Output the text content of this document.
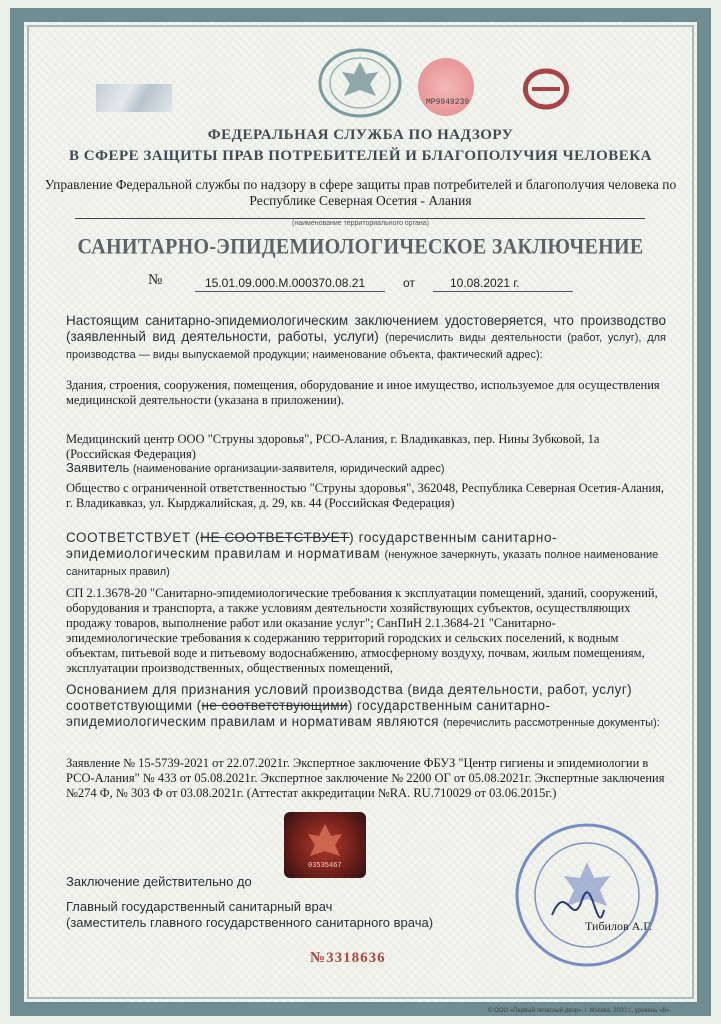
МР9949239
ФЕДЕРАЛЬНАЯ СЛУЖБА ПО НАДЗОРУ
В СФЕРЕ ЗАЩИТЫ ПРАВ ПОТРЕБИТЕЛЕЙ И БЛАГОПОЛУЧИЯ ЧЕЛОВЕКА
Управление Федеральной службы по надзору в сфере защиты прав потребителей и благополучия человека по Республике Северная Осетия - Алания
(наименование территориального органа)
САНИТАРНО-ЭПИДЕМИОЛОГИЧЕСКОЕ ЗАКЛЮЧЕНИЕ
№	15.01.09.000.М.000370.08.21	от	10.08.2021 г.
Настоящим санитарно-эпидемиологическим заключением удостоверяется, что производство (заявленный вид деятельности, работы, услуги) (перечислить виды деятельности (работ, услуг), для производства — виды выпускаемой продукции; наименование объекта, фактический адрес):
Здания, строения, сооружения, помещения, оборудование и иное имущество, используемое для осуществления медицинской деятельности (указана в приложении).
Медицинский центр ООО "Струны здоровья", РСО-Алания, г. Владикавказ, пер. Нины Зубковой, 1а (Российская Федерация)
Заявитель (наименование организации-заявителя, юридический адрес)
Общество с ограниченной ответственностью "Струны здоровья", 362048, Республика Северная Осетия-Алания, г. Владикавказ, ул. Кырджалийская, д. 29, кв. 44 (Российская Федерация)
СООТВЕТСТВУЕТ (НЕ СООТВЕТСТВУЕТ) государственным санитарно-эпидемиологическим правилам и нормативам (ненужное зачеркнуть, указать полное наименование санитарных правил)
СП 2.1.3678-20 "Санитарно-эпидемиологические требования к эксплуатации помещений, зданий, сооружений, оборудования и транспорта, а также условиям деятельности хозяйствующих субъектов, осуществляющих продажу товаров, выполнение работ или оказание услуг"; СанПиН 2.1.3684-21 "Санитарно- эпидемиологические требования к содержанию территорий городских и сельских поселений, к водным объектам, питьевой воде и питьевому водоснабжению, атмосферному воздуху, почвам, жилым помещениям, эксплуатации производственных, общественных помещений,
Основанием для признания условий производства (вида деятельности, работ, услуг) соответствующими (не соответствующими) государственным санитарно-эпидемиологическим правилам и нормативам являются (перечислить рассмотренные документы):
Заявление № 15-5739-2021 от 22.07.2021г. Экспертное заключение ФБУЗ "Центр гигиены и эпидемиологии в РСО-Алания" № 433 от 05.08.2021г. Экспертное заключение № 2200 ОГ от 05.08.2021г. Экспертные заключения №274 Ф, № 303 Ф от 03.08.2021г. (Аттестат аккредитации №RA. RU.710029 от 03.06.2015г.)
03535467
Заключение действительно до
Главный государственный санитарный врач
(заместитель главного государственного санитарного врача)	Тибилов А.Г.
№3318636
© ООО «Первый печатный двор», г. Москва, 2020 г., уровень «В».
